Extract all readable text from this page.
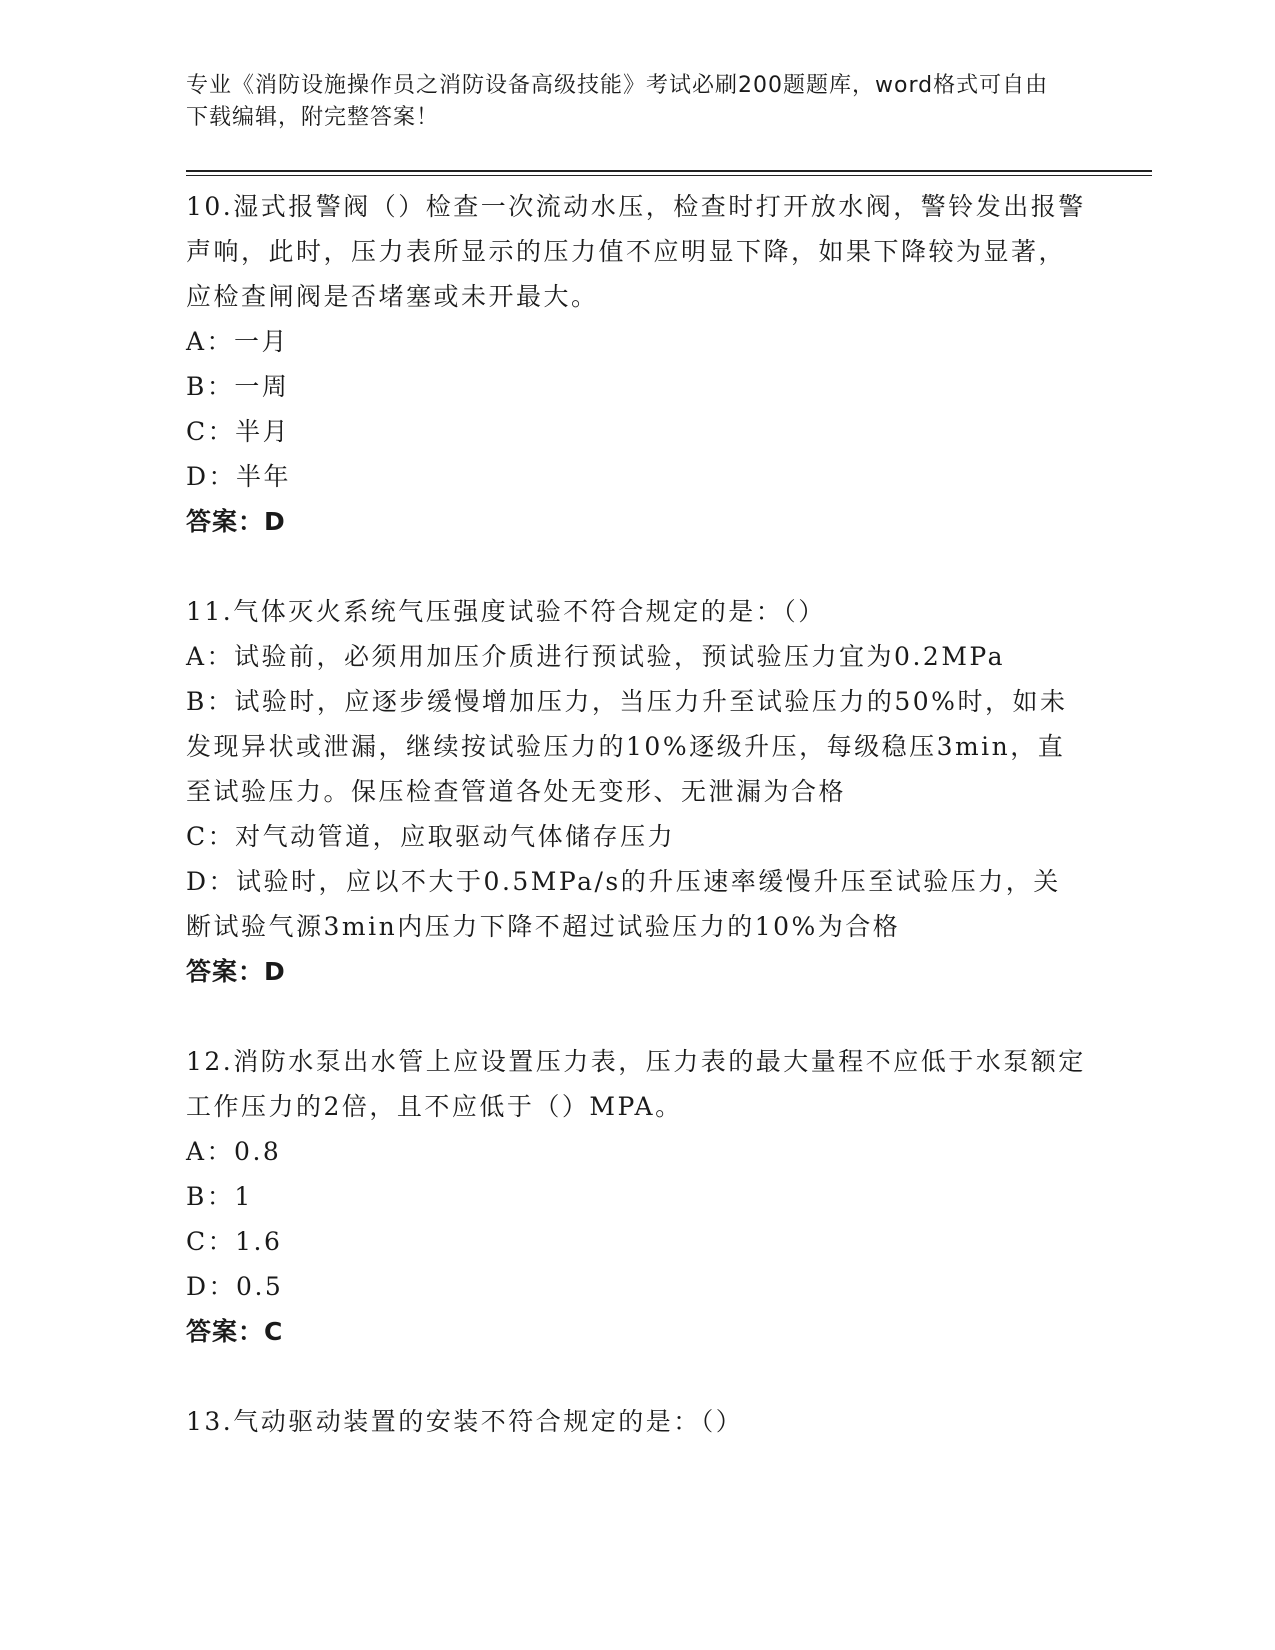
专业《消防设施操作员之消防设备高级技能》考试必刷200题题库，word格式可自由下载编辑，附完整答案！

10.湿式报警阀（）检查一次流动水压，检查时打开放水阀，警铃发出报警声响，此时，压力表所显示的压力值不应明显下降，如果下降较为显著，应检查闸阀是否堵塞或未开最大。

A：一月

B：一周

C：半月

D：半年

答案：D

11.气体灭火系统气压强度试验不符合规定的是：（）

A：试验前，必须用加压介质进行预试验，预试验压力宜为0.2MPa

B：试验时，应逐步缓慢增加压力，当压力升至试验压力的50%时，如未发现异状或泄漏，继续按试验压力的10%逐级升压，每级稳压3min，直至试验压力。保压检查管道各处无变形、无泄漏为合格

C：对气动管道，应取驱动气体储存压力

D：试验时，应以不大于0.5MPa/s的升压速率缓慢升压至试验压力，关断试验气源3min内压力下降不超过试验压力的10%为合格

答案：D

12.消防水泵出水管上应设置压力表，压力表的最大量程不应低于水泵额定工作压力的2倍，且不应低于（）MPA。

A：0.8

B：1

C：1.6

D：0.5

答案：C

13.气动驱动装置的安装不符合规定的是：（）
